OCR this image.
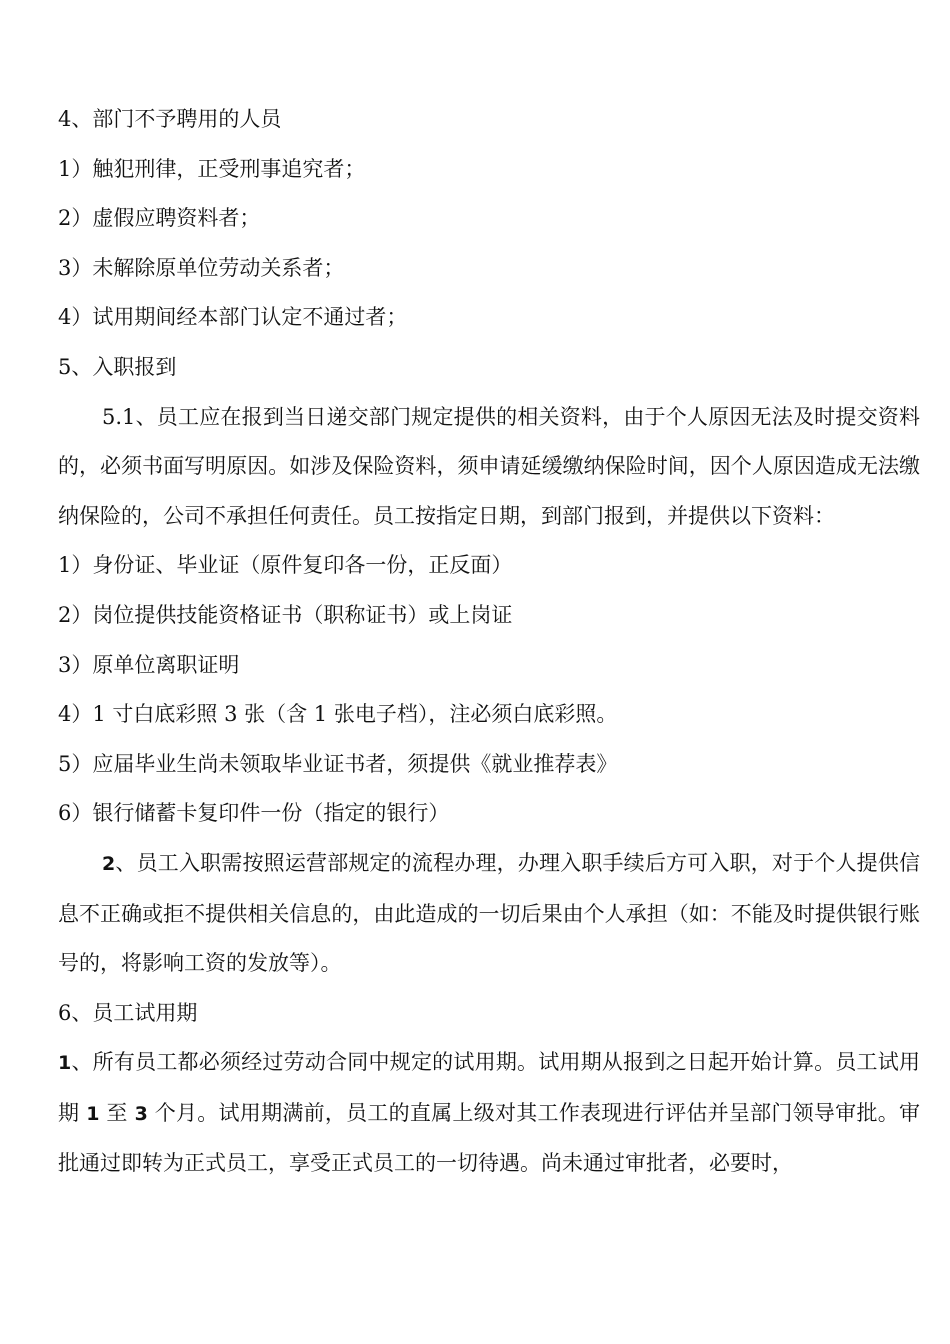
4、部门不予聘用的人员

1）触犯刑律，正受刑事追究者；

2）虚假应聘资料者；

3）未解除原单位劳动关系者；

4）试用期间经本部门认定不通过者；

5、入职报到

5.1、员工应在报到当日递交部门规定提供的相关资料，由于个人原因无法及时提交资料的，必须书面写明原因。如涉及保险资料，须申请延缓缴纳保险时间，因个人原因造成无法缴纳保险的，公司不承担任何责任。员工按指定日期，到部门报到，并提供以下资料：

1）身份证、毕业证（原件复印各一份，正反面）

2）岗位提供技能资格证书（职称证书）或上岗证

3）原单位离职证明

4）1 寸白底彩照 3 张（含 1 张电子档），注必须白底彩照。

5）应届毕业生尚未领取毕业证书者，须提供《就业推荐表》

6）银行储蓄卡复印件一份（指定的银行）

2、员工入职需按照运营部规定的流程办理，办理入职手续后方可入职，对于个人提供信息不正确或拒不提供相关信息的，由此造成的一切后果由个人承担（如：不能及时提供银行账号的，将影响工资的发放等）。

6、员工试用期

1、所有员工都必须经过劳动合同中规定的试用期。试用期从报到之日起开始计算。员工试用期 1 至 3 个月。试用期满前，员工的直属上级对其工作表现进行评估并呈部门领导审批。审批通过即转为正式员工，享受正式员工的一切待遇。尚未通过审批者，必要时，
